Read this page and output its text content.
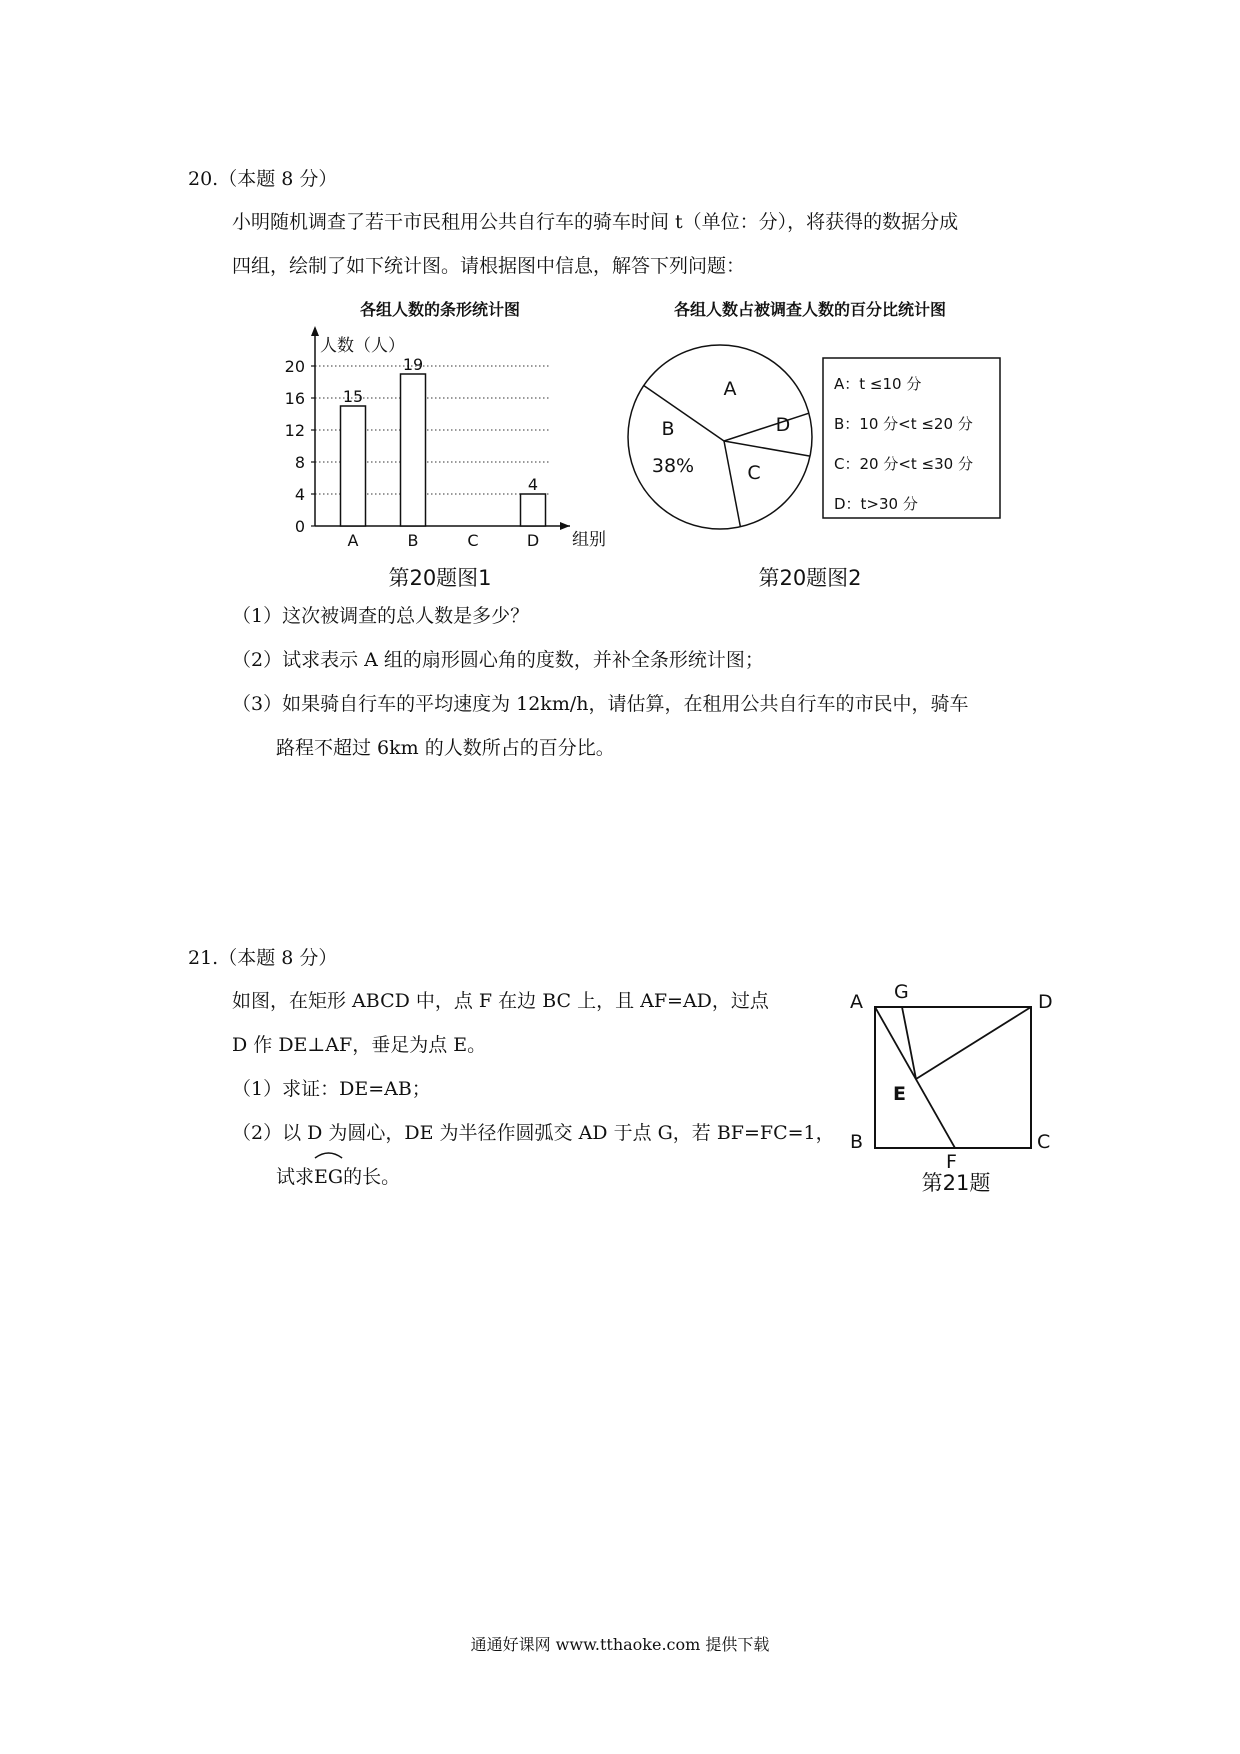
20.（本题 8 分）
小明随机调查了若干市民租用公共自行车的骑车时间 t（单位：分），将获得的数据分成
四组，绘制了如下统计图。请根据图中信息，解答下列问题：
各组人数的条形统计图
人数（人）
组别
第20题图1
0
4
8
12
16
20
A	B	C	D
15
19
4
各组人数占被调查人数的百分比统计图
A
D
C
B
38%
A：t ≤10 分
B：10 分<t ≤20 分
C：20 分<t ≤30 分
D：t>30 分
第20题图2
（1）这次被调查的总人数是多少？
（2）试求表示 A 组的扇形圆心角的度数，并补全条形统计图；
（3）如果骑自行车的平均速度为 12km/h，请估算，在租用公共自行车的市民中，骑车
路程不超过 6km 的人数所占的百分比。
21.（本题 8 分）
如图，在矩形 ABCD 中，点 F 在边 BC 上，且 AF=AD，过点
D 作 DE⊥AF，垂足为点 E。
（1）求证：DE=AB；
（2）以 D 为圆心，DE 为半径作圆弧交 AD 于点 G，若 BF=FC=1，
试求
EG的长。
A G	D
E
B
F
C
第21题
通通好课网 www.tthaoke.com 提供下载
